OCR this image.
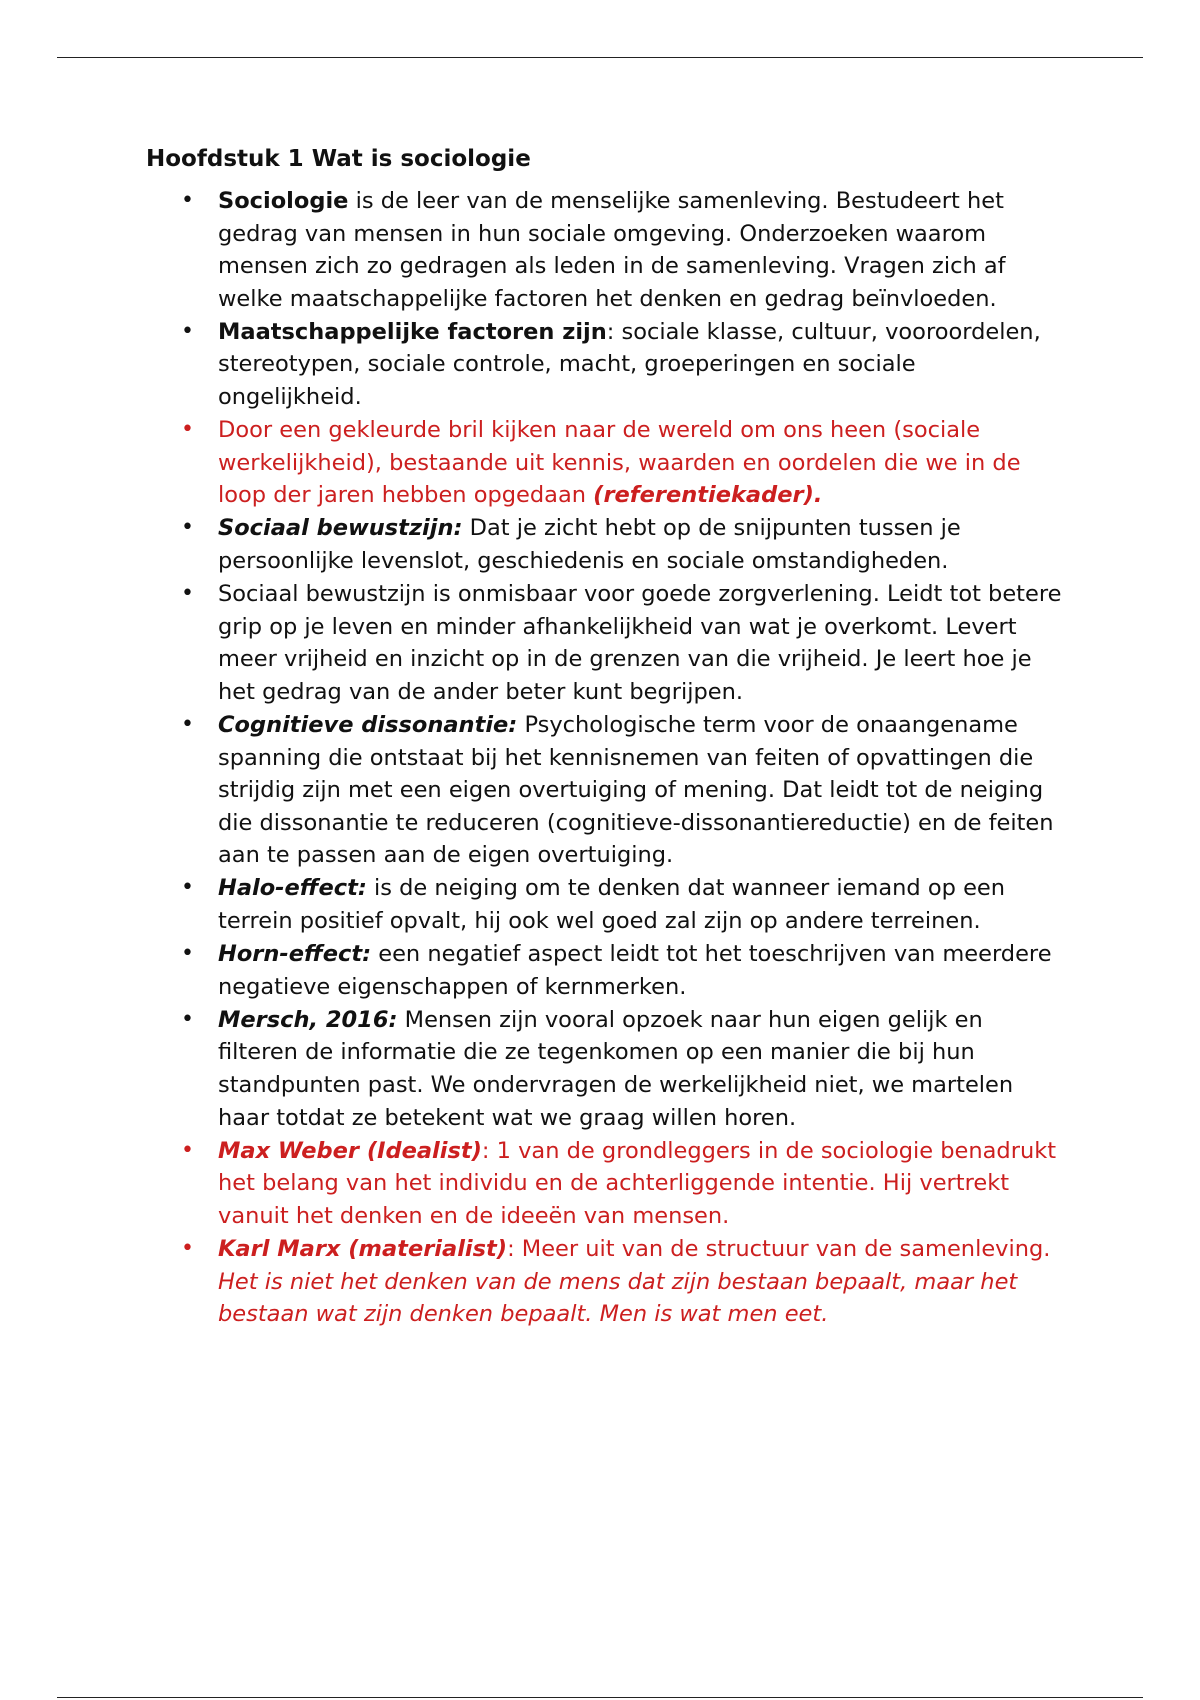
Hoofdstuk 1 Wat is sociologie
• Sociologie is de leer van de menselijke samenleving. Bestudeert het gedrag van mensen in hun sociale omgeving. Onderzoeken waarom mensen zich zo gedragen als leden in de samenleving. Vragen zich af welke maatschappelijke factoren het denken en gedrag beïnvloeden.
• Maatschappelijke factoren zijn: sociale klasse, cultuur, vooroordelen, stereotypen, sociale controle, macht, groeperingen en sociale ongelijkheid.
• Door een gekleurde bril kijken naar de wereld om ons heen (sociale werkelijkheid), bestaande uit kennis, waarden en oordelen die we in de loop der jaren hebben opgedaan (referentiekader).
• Sociaal bewustzijn: Dat je zicht hebt op de snijpunten tussen je persoonlijke levenslot, geschiedenis en sociale omstandigheden.
• Sociaal bewustzijn is onmisbaar voor goede zorgverlening. Leidt tot betere grip op je leven en minder afhankelijkheid van wat je overkomt. Levert meer vrijheid en inzicht op in de grenzen van die vrijheid. Je leert hoe je het gedrag van de ander beter kunt begrijpen.
• Cognitieve dissonantie: Psychologische term voor de onaangename spanning die ontstaat bij het kennisnemen van feiten of opvattingen die strijdig zijn met een eigen overtuiging of mening. Dat leidt tot de neiging die dissonantie te reduceren (cognitieve-dissonantiereductie) en de feiten aan te passen aan de eigen overtuiging.
• Halo-effect: is de neiging om te denken dat wanneer iemand op een terrein positief opvalt, hij ook wel goed zal zijn op andere terreinen.
• Horn-effect: een negatief aspect leidt tot het toeschrijven van meerdere negatieve eigenschappen of kernmerken.
• Mersch, 2016: Mensen zijn vooral opzoek naar hun eigen gelijk en filteren de informatie die ze tegenkomen op een manier die bij hun standpunten past. We ondervragen de werkelijkheid niet, we martelen haar totdat ze betekent wat we graag willen horen.
• Max Weber (Idealist): 1 van de grondleggers in de sociologie benadrukt het belang van het individu en de achterliggende intentie. Hij vertrekt vanuit het denken en de ideeën van mensen.
• Karl Marx (materialist): Meer uit van de structuur van de samenleving. Het is niet het denken van de mens dat zijn bestaan bepaalt, maar het bestaan wat zijn denken bepaalt. Men is wat men eet.
